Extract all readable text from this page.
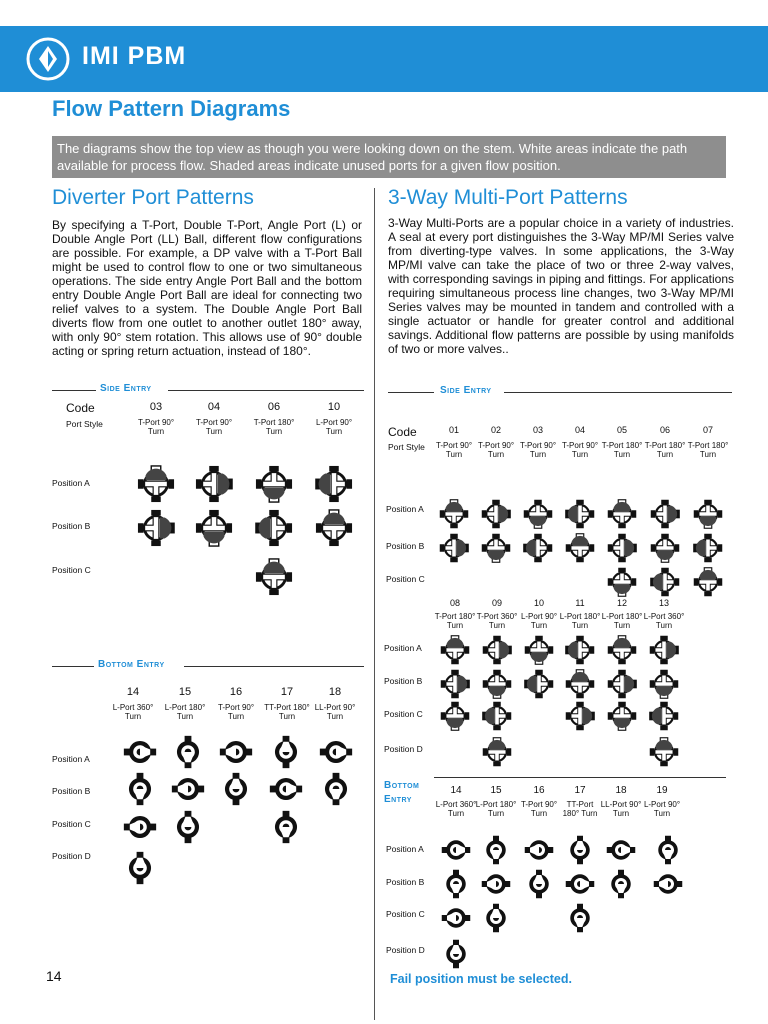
IMI PBM
Flow Pattern Diagrams
The diagrams show the top view as though you were looking down on the stem. White areas indicate the path available for process flow. Shaded areas indicate unused ports for a given flow position.
Diverter Port Patterns	3-Way Multi-Port Patterns
By specifying a T-Port, Double T-Port, Angle Port (L) or Double Angle Port (LL) Ball, different flow configurations are possible. For example, a DP valve with a T-Port Ball might be used to control flow to one or two simultaneous operations. The side entry Angle Port Ball and the bottom entry Double Angle Port Ball are ideal for connecting two relief valves to a system. The Double Angle Port Ball diverts flow from one outlet to another outlet 180° away, with only 90° stem rotation. This allows use of 90° double acting or spring return actuation, instead of 180°.
3-Way Multi-Ports are a popular choice in a variety of industries. A seal at every port distinguishes the 3-Way MP/MI Series valve from diverting-type valves. In some applications, the 3-Way MP/MI valve can take the place of two or three 2-way valves, with corresponding savings in piping and fittings. For applications requiring simultaneous process line changes, two 3-Way MP/MI Series valves may be mounted in tandem and controlled with a single actuator or handle for greater control and additional savings. Additional flow patterns are possible by using manifolds of two or more valves..
Side Entry
Code
Port Style
03
T-Port 90° Turn
04
T-Port 90° Turn
06
T-Port 180° Turn
10
L-Port 90° Turn
Position A
Position B
Position C
Bottom Entry
14
L-Port 360° Turn
15
L-Port 180° Turn
16
T-Port 90° Turn
17
TT-Port 180° Turn
18
LL-Port 90° Turn
Position A
Position B
Position C
Position D
Side Entry
Code
Port Style
01
T-Port 90° Turn
02
T-Port 90° Turn
03
T-Port 90° Turn
04
T-Port 90° Turn
05
T-Port 180° Turn
06
T-Port 180° Turn
07
T-Port 180° Turn
08
T-Port 180° Turn
09
T-Port 360° Turn
10
L-Port 90° Turn
11
L-Port 180° Turn
12
L-Port 180° Turn
13
L-Port 360° Turn
Position A
Position B
Position C
Position A
Position B
Position C
Position D
Bottom
Entry
14
L-Port 360° Turn
15
L-Port 180° Turn
16
T-Port 90° Turn
17
TT-Port 180° Turn
18
LL-Port 90° Turn
19
L-Port 90° Turn
Position A
Position B
Position C
Position D
14	Fail position must be selected.
